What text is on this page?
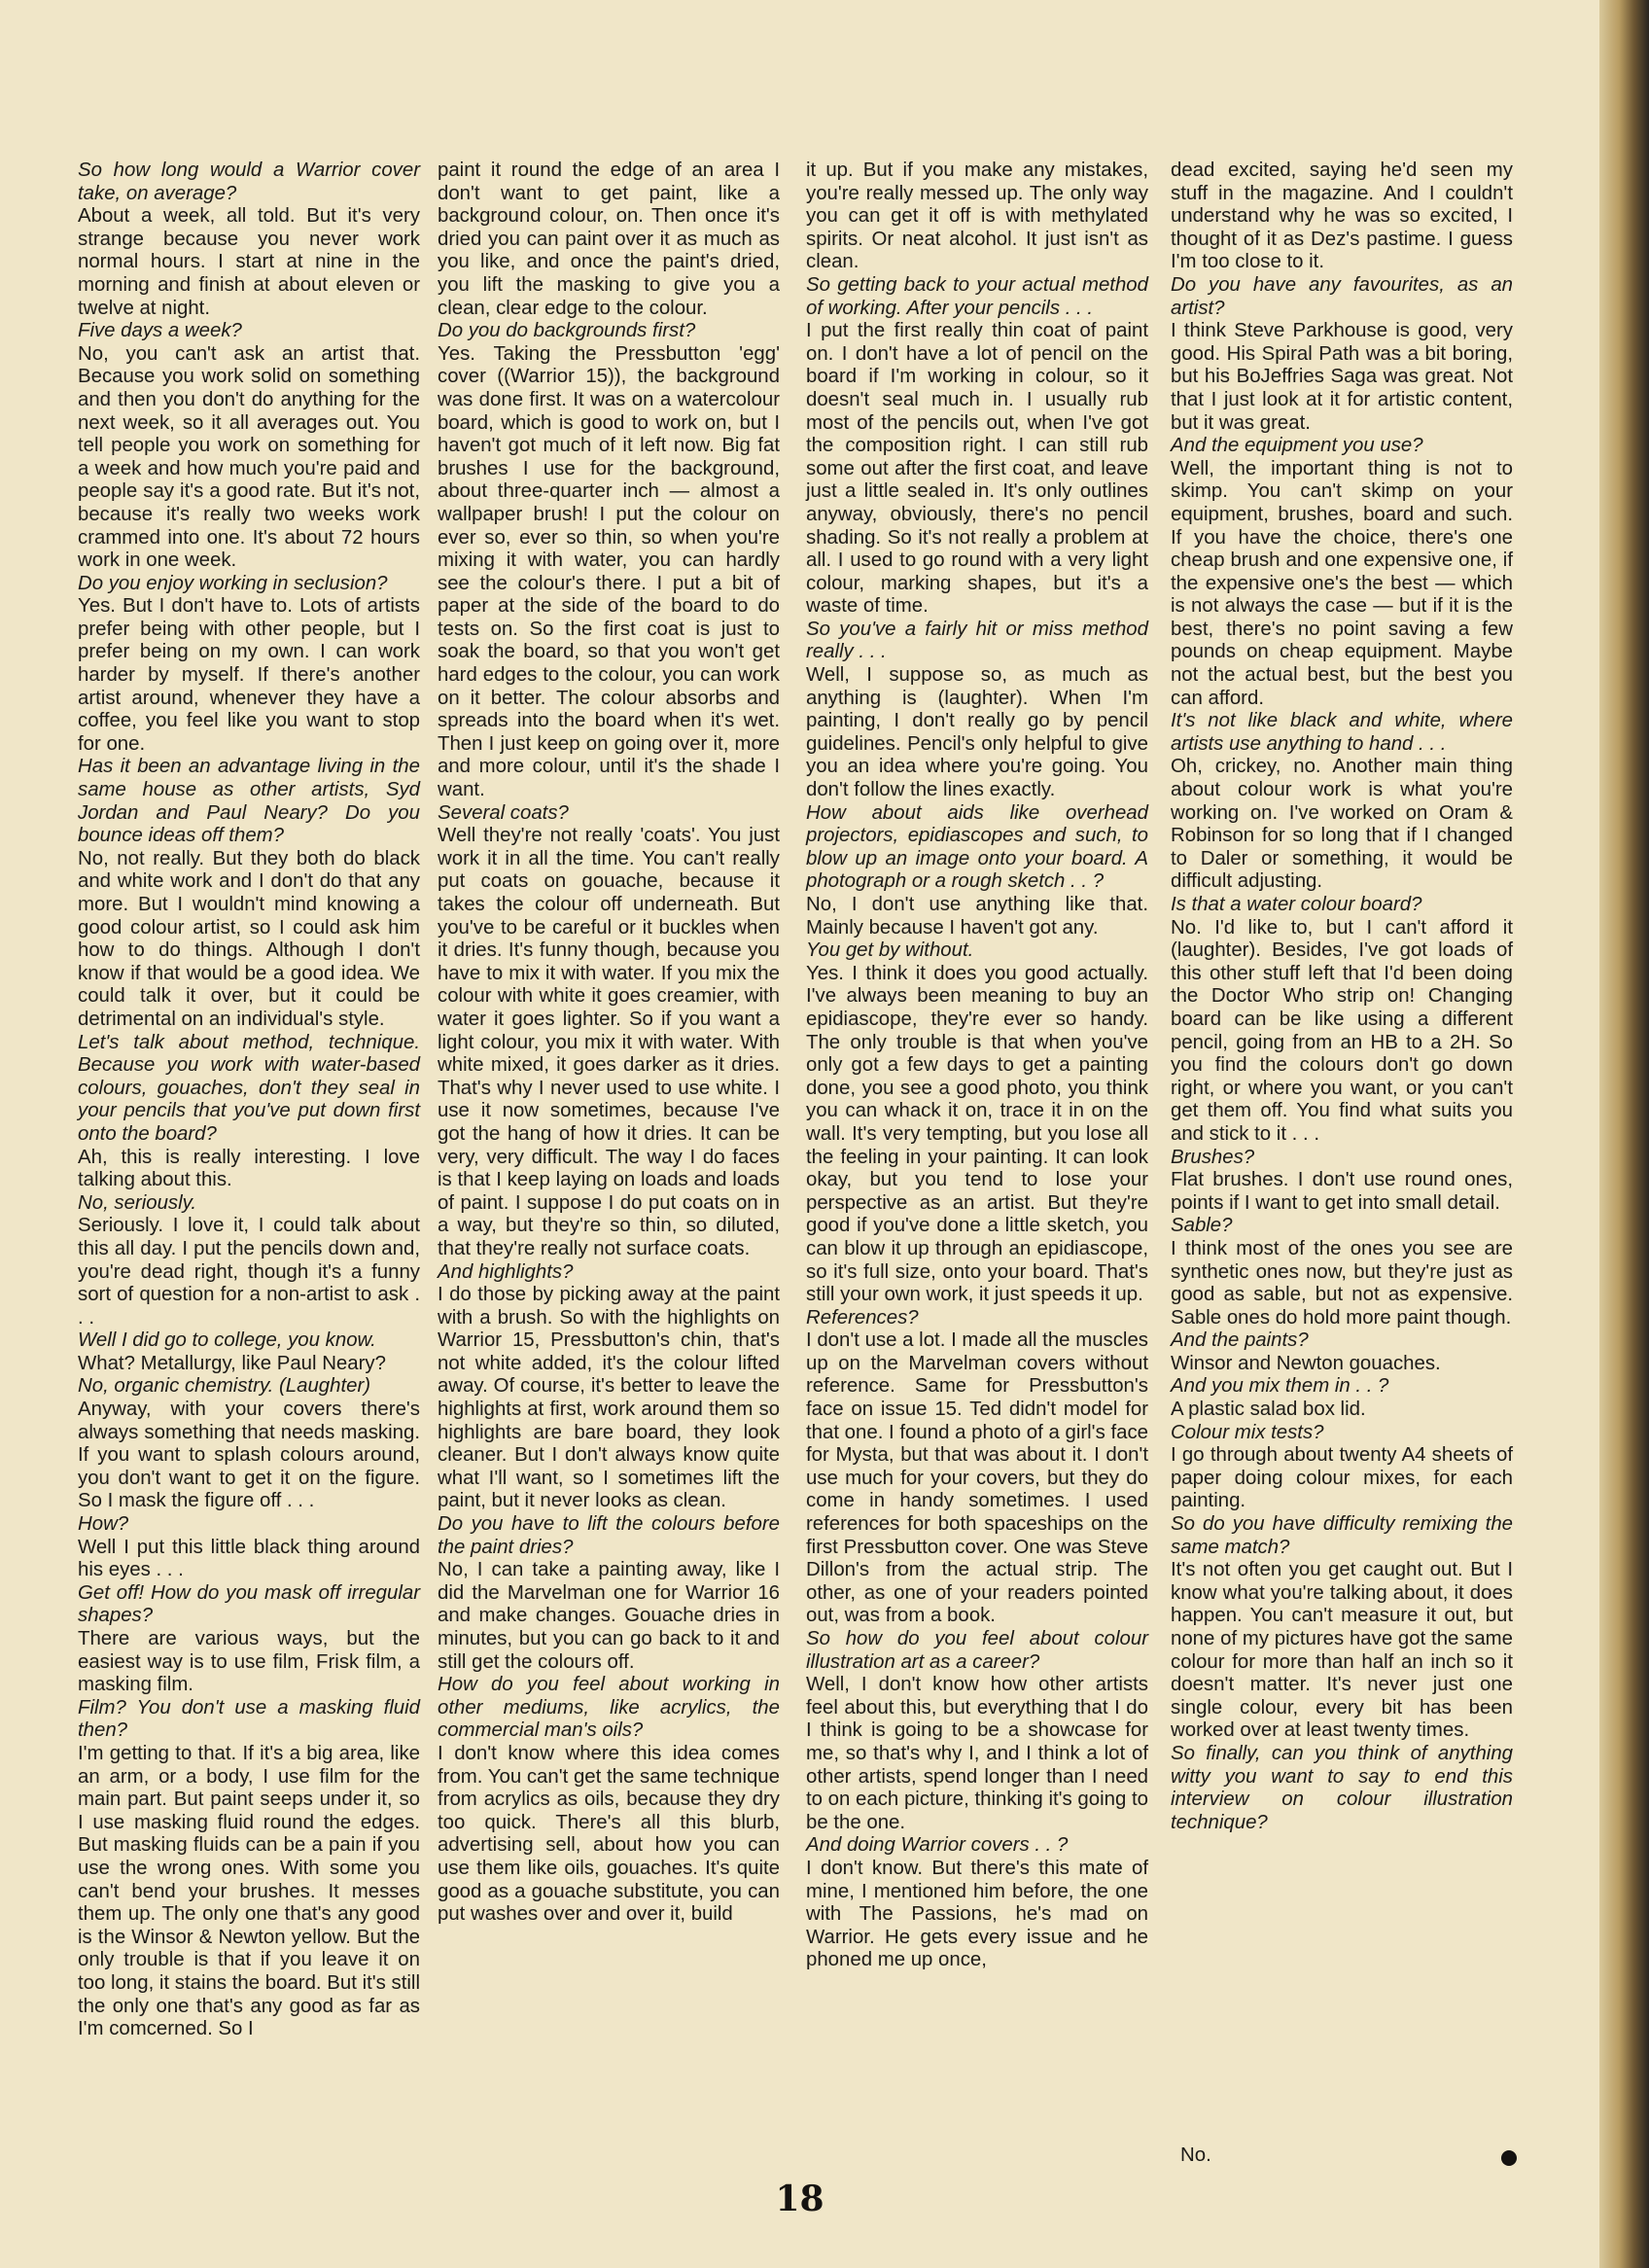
So how long would a Warrior cover take, on average?

About a week, all told. But it's very strange because you never work normal hours. I start at nine in the morning and finish at about eleven or twelve at night.

Five days a week?

No, you can't ask an artist that. Because you work solid on something and then you don't do anything for the next week, so it all averages out. You tell people you work on something for a week and how much you're paid and people say it's a good rate. But it's not, because it's really two weeks work crammed into one. It's about 72 hours work in one week.

Do you enjoy working in seclusion?

Yes. But I don't have to. Lots of artists prefer being with other people, but I prefer being on my own. I can work harder by myself. If there's another artist around, whenever they have a coffee, you feel like you want to stop for one.

Has it been an advantage living in the same house as other artists, Syd Jordan and Paul Neary? Do you bounce ideas off them?

No, not really. But they both do black and white work and I don't do that any more. But I wouldn't mind knowing a good colour artist, so I could ask him how to do things. Although I don't know if that would be a good idea. We could talk it over, but it could be detrimental on an individual's style.

Let's talk about method, technique. Because you work with water-based colours, gouaches, don't they seal in your pencils that you've put down first onto the board?

Ah, this is really interesting. I love talking about this.

No, seriously.

Seriously. I love it, I could talk about this all day. I put the pencils down and, you're dead right, though it's a funny sort of question for a non-artist to ask . . .

Well I did go to college, you know.

What? Metallurgy, like Paul Neary?

No, organic chemistry. (Laughter)

Anyway, with your covers there's always something that needs masking. If you want to splash colours around, you don't want to get it on the figure. So I mask the figure off . . .

How?

Well I put this little black thing around his eyes . . .

Get off! How do you mask off irregular shapes?

There are various ways, but the easiest way is to use film, Frisk film, a masking film.

Film? You don't use a masking fluid then?

I'm getting to that. If it's a big area, like an arm, or a body, I use film for the main part. But paint seeps under it, so I use masking fluid round the edges. But masking fluids can be a pain if you use the wrong ones. With some you can't bend your brushes. It messes them up. The only one that's any good is the Winsor & Newton yellow. But the only trouble is that if you leave it on too long, it stains the board. But it's still the only one that's any good as far as I'm comcerned. So I

paint it round the edge of an area I don't want to get paint, like a background colour, on. Then once it's dried you can paint over it as much as you like, and once the paint's dried, you lift the masking to give you a clean, clear edge to the colour.

Do you do backgrounds first?

Yes. Taking the Pressbutton 'egg' cover ((Warrior 15)), the background was done first. It was on a watercolour board, which is good to work on, but I haven't got much of it left now. Big fat brushes I use for the background, about three-quarter inch — almost a wallpaper brush! I put the colour on ever so, ever so thin, so when you're mixing it with water, you can hardly see the colour's there. I put a bit of paper at the side of the board to do tests on. So the first coat is just to soak the board, so that you won't get hard edges to the colour, you can work on it better. The colour absorbs and spreads into the board when it's wet. Then I just keep on going over it, more and more colour, until it's the shade I want.

Several coats?

Well they're not really 'coats'. You just work it in all the time. You can't really put coats on gouache, because it takes the colour off underneath. But you've to be careful or it buckles when it dries. It's funny though, because you have to mix it with water. If you mix the colour with white it goes creamier, with water it goes lighter. So if you want a light colour, you mix it with water. With white mixed, it goes darker as it dries. That's why I never used to use white. I use it now sometimes, because I've got the hang of how it dries. It can be very, very difficult. The way I do faces is that I keep laying on loads and loads of paint. I suppose I do put coats on in a way, but they're so thin, so diluted, that they're really not surface coats.

And highlights?

I do those by picking away at the paint with a brush. So with the highlights on Warrior 15, Pressbutton's chin, that's not white added, it's the colour lifted away. Of course, it's better to leave the highlights at first, work around them so highlights are bare board, they look cleaner. But I don't always know quite what I'll want, so I sometimes lift the paint, but it never looks as clean.

Do you have to lift the colours before the paint dries?

No, I can take a painting away, like I did the Marvelman one for Warrior 16 and make changes. Gouache dries in minutes, but you can go back to it and still get the colours off.

How do you feel about working in other mediums, like acrylics, the commercial man's oils?

I don't know where this idea comes from. You can't get the same technique from acrylics as oils, because they dry too quick. There's all this blurb, advertising sell, about how you can use them like oils, gouaches. It's quite good as a gouache substitute, you can put washes over and over it, build

it up. But if you make any mistakes, you're really messed up. The only way you can get it off is with methylated spirits. Or neat alcohol. It just isn't as clean.

So getting back to your actual method of working. After your pencils . . .

I put the first really thin coat of paint on. I don't have a lot of pencil on the board if I'm working in colour, so it doesn't seal much in. I usually rub most of the pencils out, when I've got the composition right. I can still rub some out after the first coat, and leave just a little sealed in. It's only outlines anyway, obviously, there's no pencil shading. So it's not really a problem at all. I used to go round with a very light colour, marking shapes, but it's a waste of time.

So you've a fairly hit or miss method really . . .

Well, I suppose so, as much as anything is (laughter). When I'm painting, I don't really go by pencil guidelines. Pencil's only helpful to give you an idea where you're going. You don't follow the lines exactly.

How about aids like overhead projectors, epidiascopes and such, to blow up an image onto your board. A photograph or a rough sketch . . ?

No, I don't use anything like that. Mainly because I haven't got any.

You get by without.

Yes. I think it does you good actually. I've always been meaning to buy an epidiascope, they're ever so handy. The only trouble is that when you've only got a few days to get a painting done, you see a good photo, you think you can whack it on, trace it in on the wall. It's very tempting, but you lose all the feeling in your painting. It can look okay, but you tend to lose your perspective as an artist. But they're good if you've done a little sketch, you can blow it up through an epidiascope, so it's full size, onto your board. That's still your own work, it just speeds it up.

References?

I don't use a lot. I made all the muscles up on the Marvelman covers without reference. Same for Pressbutton's face on issue 15. Ted didn't model for that one. I found a photo of a girl's face for Mysta, but that was about it. I don't use much for your covers, but they do come in handy sometimes. I used references for both spaceships on the first Pressbutton cover. One was Steve Dillon's from the actual strip. The other, as one of your readers pointed out, was from a book.

So how do you feel about colour illustration art as a career?

Well, I don't know how other artists feel about this, but everything that I do I think is going to be a showcase for me, so that's why I, and I think a lot of other artists, spend longer than I need to on each picture, thinking it's going to be the one.

And doing Warrior covers . . ?

I don't know. But there's this mate of mine, I mentioned him before, the one with The Passions, he's mad on Warrior. He gets every issue and he phoned me up once,

dead excited, saying he'd seen my stuff in the magazine. And I couldn't understand why he was so excited, I thought of it as Dez's pastime. I guess I'm too close to it.

Do you have any favourites, as an artist?

I think Steve Parkhouse is good, very good. His Spiral Path was a bit boring, but his BoJeffries Saga was great. Not that I just look at it for artistic content, but it was great.

And the equipment you use?

Well, the important thing is not to skimp. You can't skimp on your equipment, brushes, board and such. If you have the choice, there's one cheap brush and one expensive one, if the expensive one's the best — which is not always the case — but if it is the best, there's no point saving a few pounds on cheap equipment. Maybe not the actual best, but the best you can afford.

It's not like black and white, where artists use anything to hand . . .

Oh, crickey, no. Another main thing about colour work is what you're working on. I've worked on Oram & Robinson for so long that if I changed to Daler or something, it would be difficult adjusting.

Is that a water colour board?

No. I'd like to, but I can't afford it (laughter). Besides, I've got loads of this other stuff left that I'd been doing the Doctor Who strip on! Changing board can be like using a different pencil, going from an HB to a 2H. So you find the colours don't go down right, or where you want, or you can't get them off. You find what suits you and stick to it . . .

Brushes?

Flat brushes. I don't use round ones, points if I want to get into small detail.

Sable?

I think most of the ones you see are synthetic ones now, but they're just as good as sable, but not as expensive. Sable ones do hold more paint though.

And the paints?

Winsor and Newton gouaches.

And you mix them in . . ?

A plastic salad box lid.

Colour mix tests?

I go through about twenty A4 sheets of paper doing colour mixes, for each painting.

So do you have difficulty remixing the same match?

It's not often you get caught out. But I know what you're talking about, it does happen. You can't measure it out, but none of my pictures have got the same colour for more than half an inch so it doesn't matter. It's never just one single colour, every bit has been worked over at least twenty times.

So finally, can you think of anything witty you want to say to end this interview on colour illustration technique?

No.
18
